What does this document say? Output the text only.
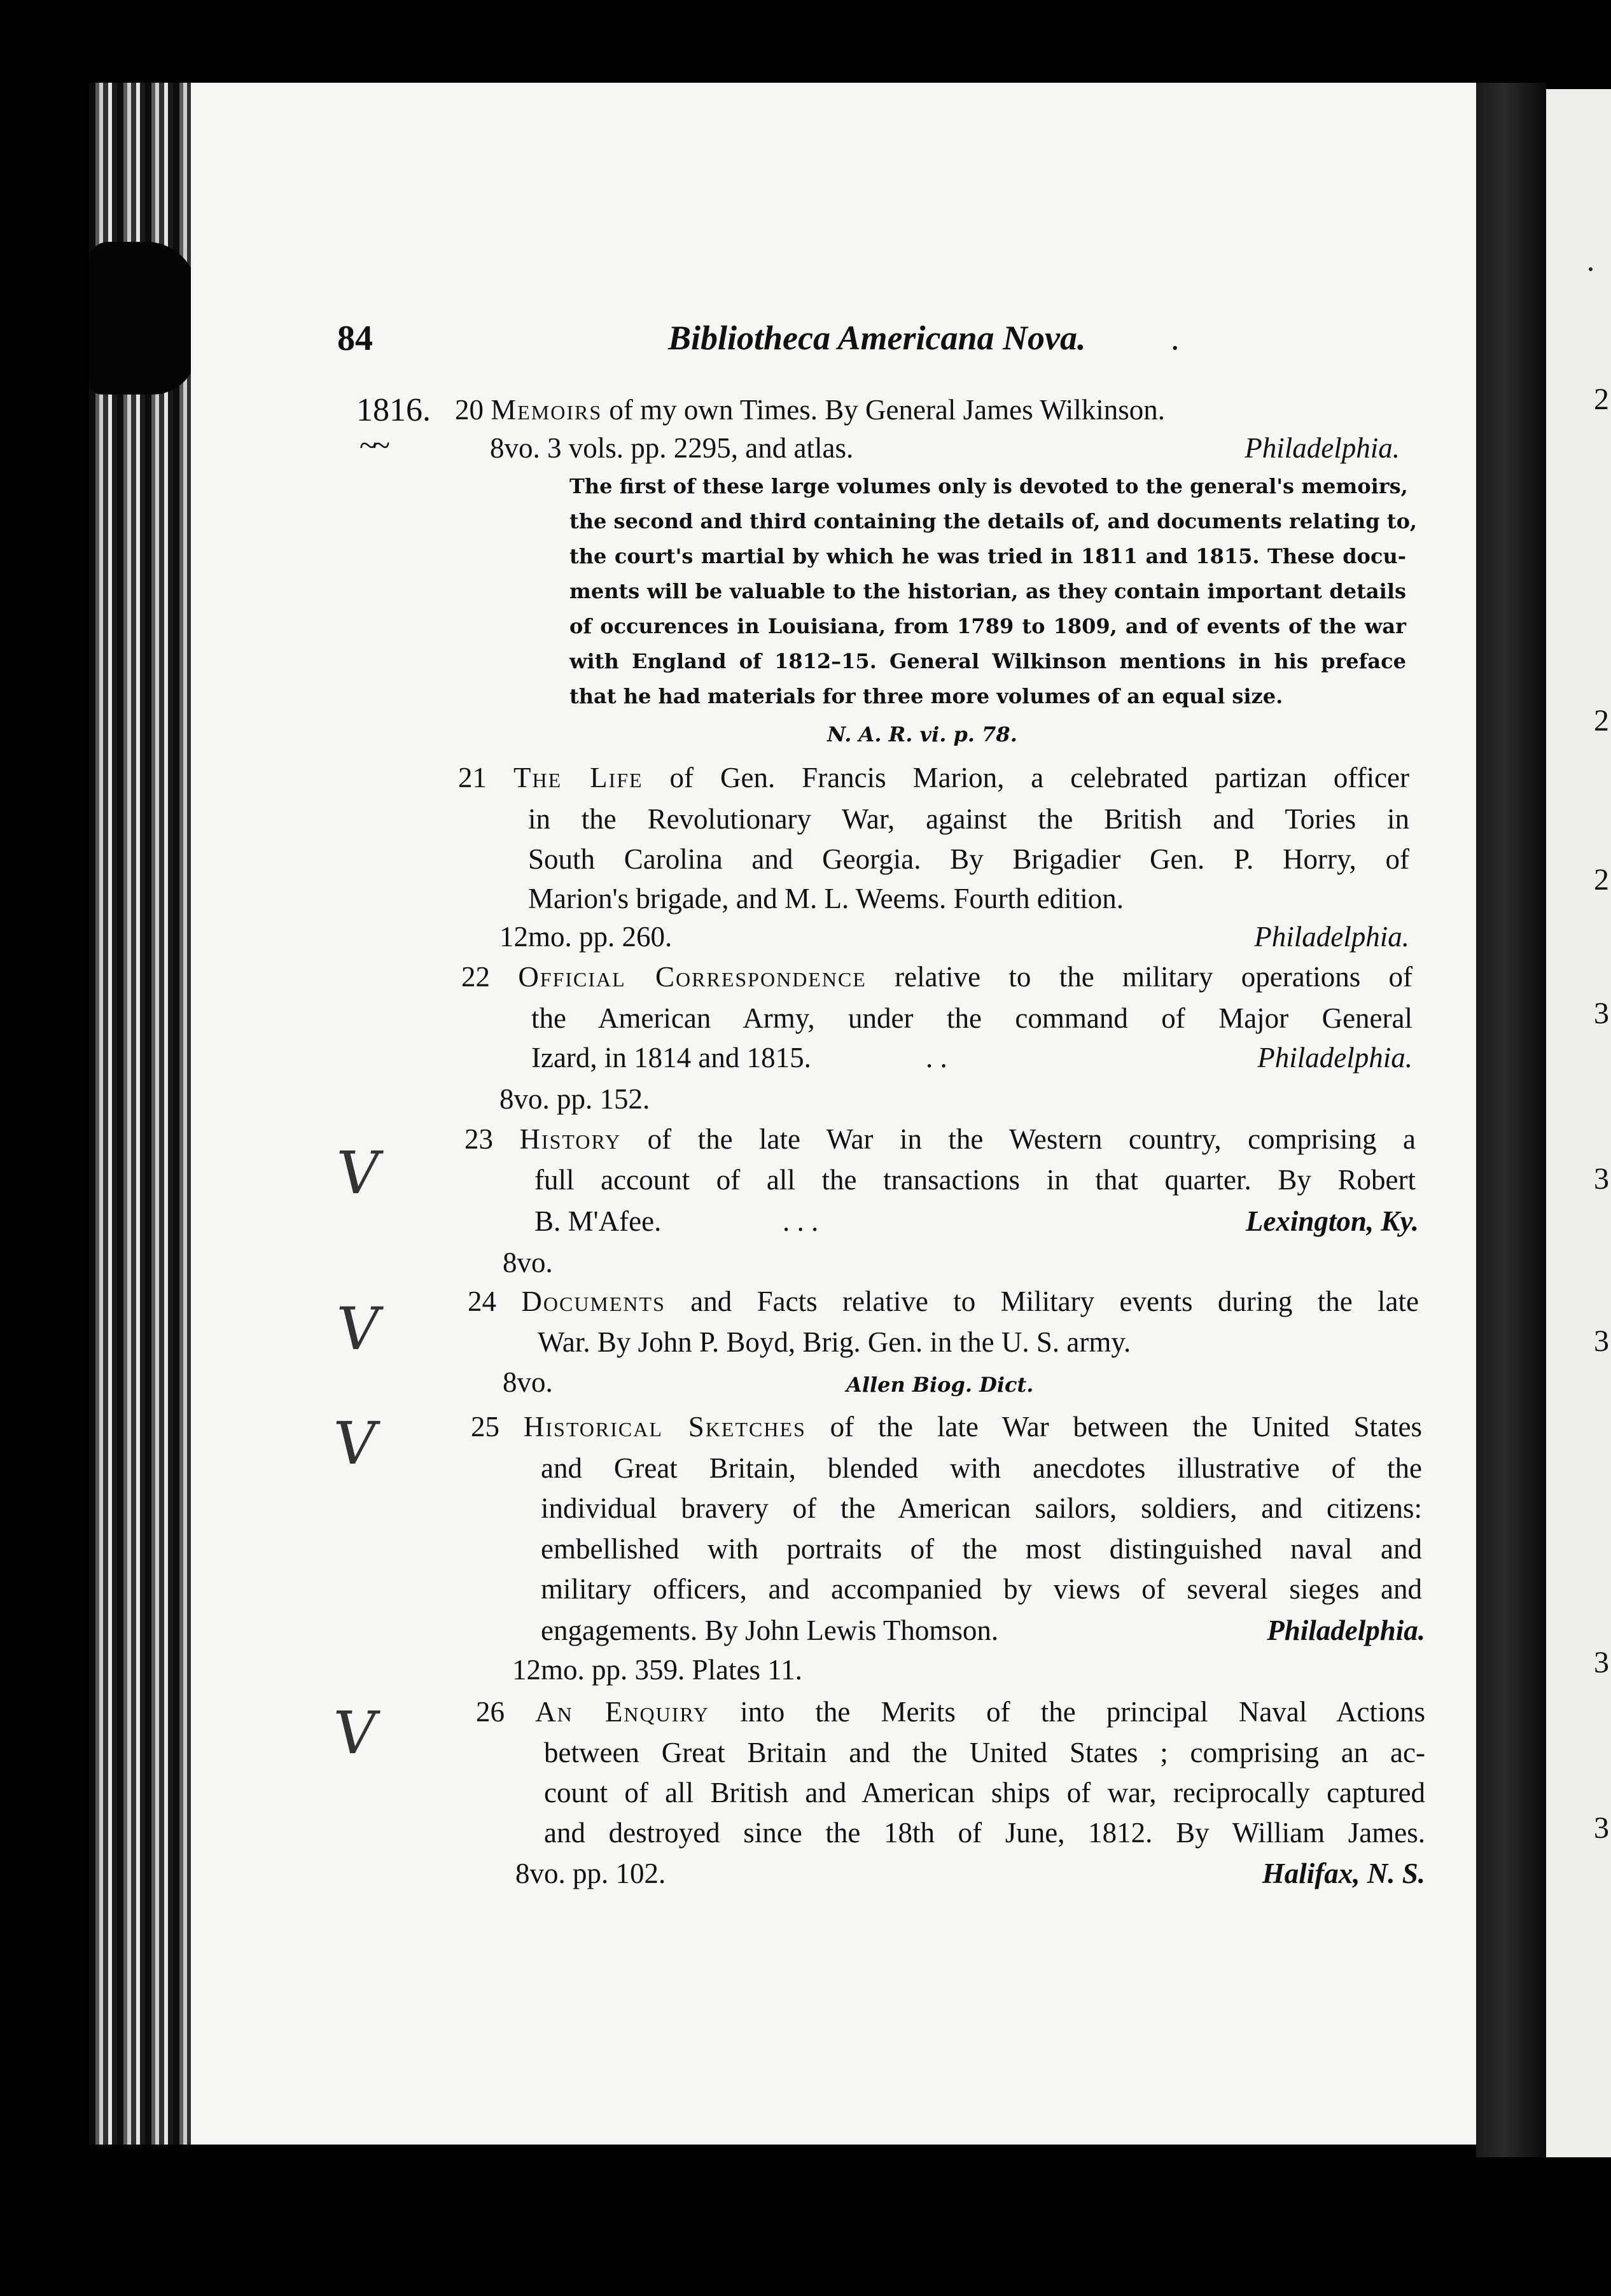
2
2
2
3
3
3
3
3
84	Bibliotheca Americana Nova. .
1816.
~~
20 Memoirs of my own Times. By General James Wilkinson.
8vo. 3 vols. pp. 2295, and atlas.	Philadelphia.
The first of these large volumes only is devoted to the general's memoirs,
the second and third containing the details of, and documents relating to,
the court's martial by which he was tried in 1811 and 1815. These docu-
ments will be valuable to the historian, as they contain important details
of occurences in Louisiana, from 1789 to 1809, and of events of the war
with England of 1812–15. General Wilkinson mentions in his preface
that he had materials for three more volumes of an equal size.
N. A. R. vi. p. 78.
21 The Life of Gen. Francis Marion, a celebrated partizan officer
in the Revolutionary War, against the British and Tories in
South Carolina and Georgia. By Brigadier Gen. P. Horry, of
Marion's brigade, and M. L. Weems. Fourth edition.
12mo. pp. 260.	Philadelphia.
22 Official Correspondence relative to the military operations of
the American Army, under the command of Major General
Izard, in 1814 and 1815.	. .	Philadelphia.
8vo. pp. 152.
23 History of the late War in the Western country, comprising a
full account of all the transactions in that quarter. By Robert
B. M'Afee.	. . .	Lexington, Ky.
8vo.
24 Documents and Facts relative to Military events during the late
War. By John P. Boyd, Brig. Gen. in the U. S. army.
8vo.	Allen Biog. Dict.
25 Historical Sketches of the late War between the United States
and Great Britain, blended with anecdotes illustrative of the
individual bravery of the American sailors, soldiers, and citizens:
embellished with portraits of the most distinguished naval and
military officers, and accompanied by views of several sieges and
engagements. By John Lewis Thomson.	Philadelphia.
12mo. pp. 359. Plates 11.
26 An Enquiry into the Merits of the principal Naval Actions
between Great Britain and the United States ; comprising an ac-
count of all British and American ships of war, reciprocally captured
and destroyed since the 18th of June, 1812. By William James.
8vo. pp. 102.	Halifax, N. S.
V
V
V
V
